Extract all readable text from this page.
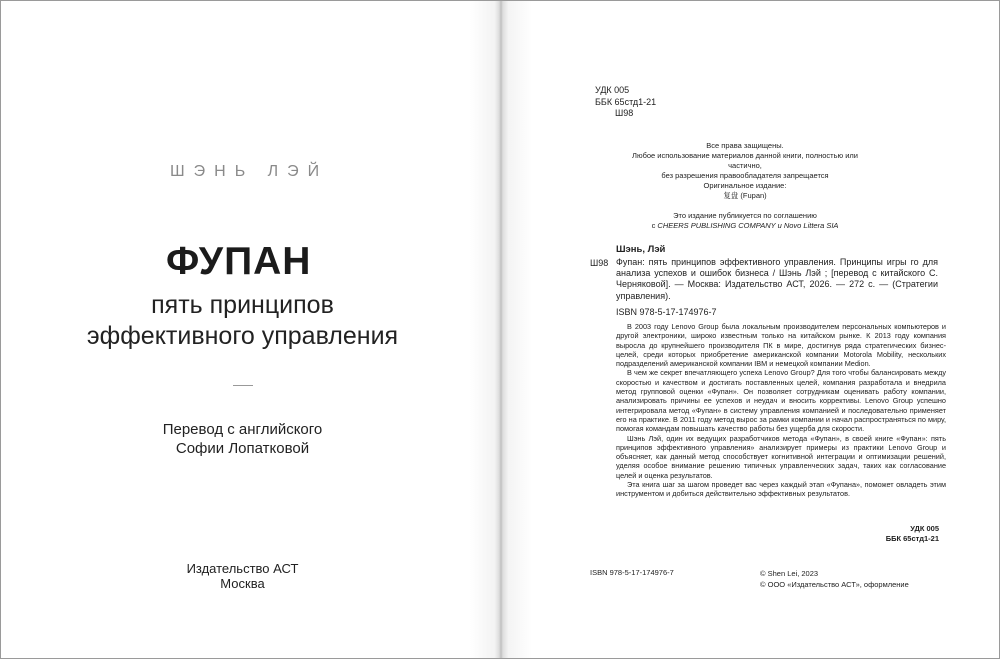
ШЭНЬ ЛЭЙ
ФУПАН
пять принципов
эффективного управления
Перевод с английского
Софии Лопатковой
Издательство АСТ
Москва
УДК 005
ББК 65стд1-21
Ш98
Все права защищены.
Любое использование материалов данной книги, полностью или частично,
без разрешения правообладателя запрещается
Оригинальное издание:
复盘 (Fupan)
Это издание публикуется по соглашению
с CHEERS PUBLISHING COMPANY и Novo Littera SIA
Шэнь, Лэй
Ш98 Фупан: пять принципов эффективного управления. Принципы игры го для анализа успехов и ошибок бизнеса / Шэнь Лэй ; [перевод с китайского С. Черняковой]. — Москва: Издательство АСТ, 2026. — 272 с. — (Стратегии управления).
ISBN 978-5-17-174976-7

В 2003 году Lenovo Group была локальным производителем персональных компьютеров и другой электроники, широко известным только на китайском рынке. К 2013 году компания выросла до крупнейшего производителя ПК в мире, достигнув ряда стратегических бизнес-целей, среди которых приобретение американской компании Motorola Mobility, нескольких подразделений американской компании IBM и немецкой компании Medion.

В чем же секрет впечатляющего успеха Lenovo Group? Для того чтобы балансировать между скоростью и качеством и достигать поставленных целей, компания разработала и внедрила метод групповой оценки «Фупан». Он позволяет сотрудникам оценивать работу компании, анализировать причины ее успехов и неудач и вносить коррективы. Lenovo Group успешно интегрировала метод «Фупан» в систему управления компанией и последовательно применяет его на практике. В 2011 году метод вырос за рамки компании и начал распространяться по миру, помогая командам повышать качество работы без ущерба для скорости.

Шэнь Лэй, один их ведущих разработчиков метода «Фупан», в своей книге «Фупан»: пять принципов эффективного управления» анализирует примеры из практики Lenovo Group и объясняет, как данный метод способствует когнитивной интеграции и оптимизации решений, уделяя особое внимание решению типичных управленческих задач, таких как согласование целей и оценка результатов.

Эта книга шаг за шагом проведет вас через каждый этап «Фупана», поможет овладеть этим инструментом и добиться действительно эффективных результатов.

УДК 005
ББК 65стд1-21
ISBN 978-5-17-174976-7	© Shen Lei, 2023
© ООО «Издательство АСТ», оформление
